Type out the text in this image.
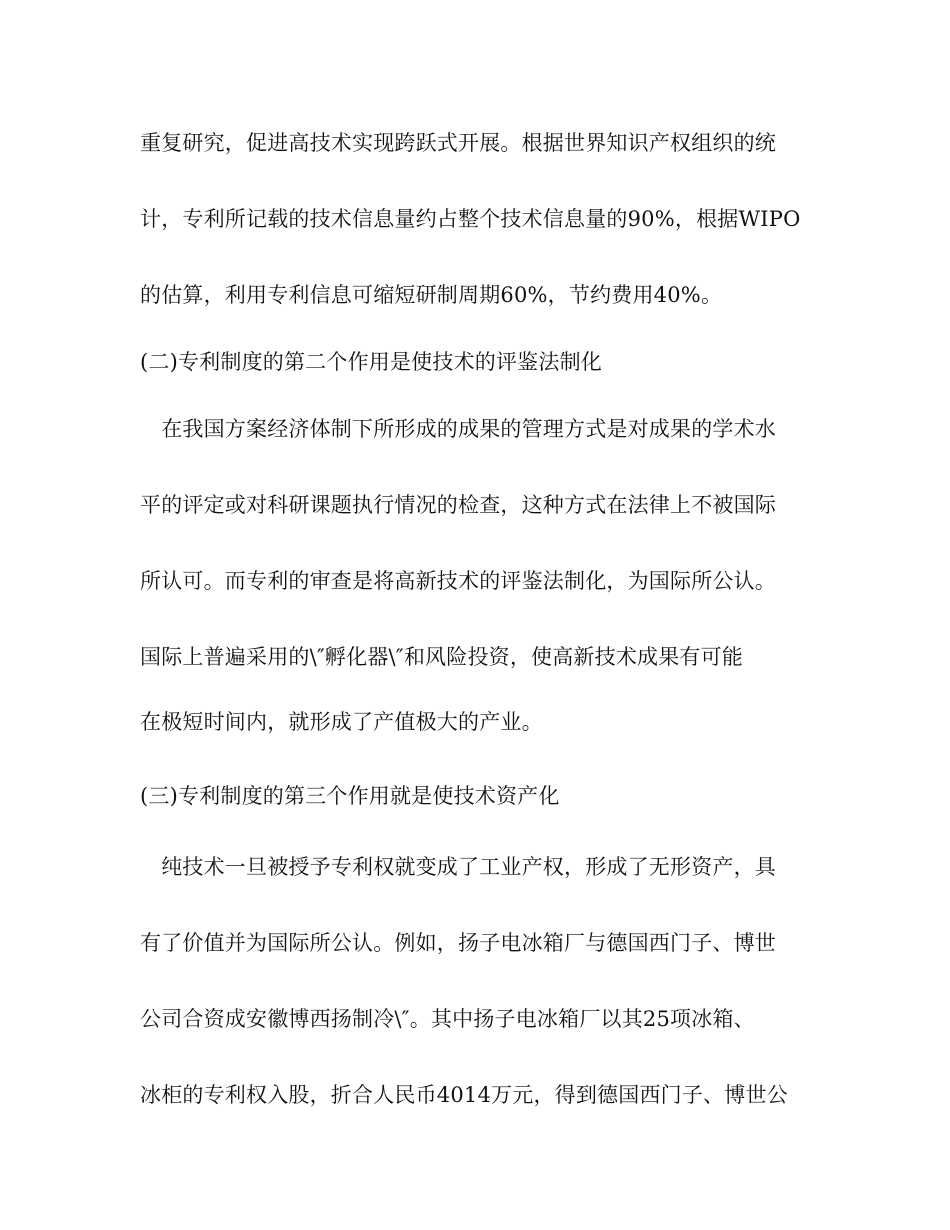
重复研究，促进高技术实现跨跃式开展。根据世界知识产权组织的统

计，专利所记载的技术信息量约占整个技术信息量的90%，根据WIPO

的估算，利用专利信息可缩短研制周期60%，节约费用40%。

(二)专利制度的第二个作用是使技术的评鉴法制化

　在我国方案经济体制下所形成的成果的管理方式是对成果的学术水

平的评定或对科研课题执行情况的检查，这种方式在法律上不被国际

所认可。而专利的审查是将高新技术的评鉴法制化，为国际所公认。

国际上普遍采用的\″孵化器\″和风险投资，使高新技术成果有可能

在极短时间内，就形成了产值极大的产业。

(三)专利制度的第三个作用就是使技术资产化

　纯技术一旦被授予专利权就变成了工业产权，形成了无形资产，具

有了价值并为国际所公认。例如，扬子电冰箱厂与德国西门子、博世

公司合资成安徽博西扬制冷\″。其中扬子电冰箱厂以其25项冰箱、

冰柜的专利权入股，折合人民币4014万元，得到德国西门子、博世公
